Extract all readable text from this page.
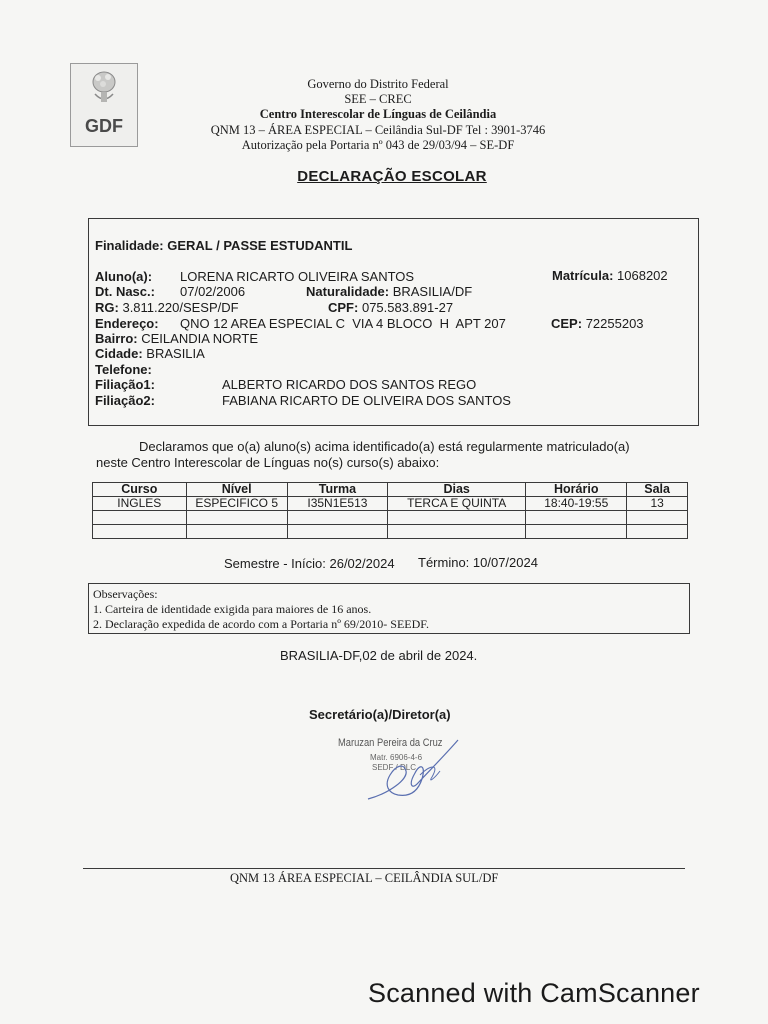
GDF
Governo do Distrito Federal
SEE – CREC
Centro Interescolar de Línguas de Ceilândia
QNM 13 – ÁREA ESPECIAL – Ceilândia Sul-DF Tel : 3901-3746
Autorização pela Portaria nº 043 de 29/03/94 – SE-DF
DECLARAÇÃO ESCOLAR
Finalidade: GERAL / PASSE ESTUDANTIL
Aluno(a): LORENA RICARTO OLIVEIRA SANTOS	Matrícula: 1068202
Dt. Nasc.: 07/02/2006	Naturalidade: BRASILIA/DF
RG: 3.811.220/SESP/DF	CPF: 075.583.891-27
Endereço: QNO 12 AREA ESPECIAL C  VIA 4 BLOCO  H  APT 207	CEP: 72255203
Bairro: CEILANDIA NORTE
Cidade: BRASILIA
Telefone:
Filiação1:	ALBERTO RICARDO DOS SANTOS REGO
Filiação2:	FABIANA RICARTO DE OLIVEIRA DOS SANTOS
Declaramos que o(a) aluno(s) acima identificado(a) está regularmente matriculado(a)
neste Centro Interescolar de Línguas no(s) curso(s) abaixo:
Curso	Nível	Turma	Dias	Horário	Sala
INGLES	ESPECIFICO 5	I35N1E513	TERCA E QUINTA	18:40-19:55	13

Semestre - Início: 26/02/2024 Término: 10/07/2024
Observações:
1. Carteira de identidade exigida para maiores de 16 anos.
2. Declaração expedida de acordo com a Portaria nº 69/2010- SEEDF.
BRASILIA-DF,02 de abril de 2024.
Secretário(a)/Diretor(a)
Maruzan Pereira da Cruz
Matr. 6906-4-6
SEDF / DLC
QNM 13 ÁREA ESPECIAL – CEILÂNDIA SUL/DF
Scanned with CamScanner
